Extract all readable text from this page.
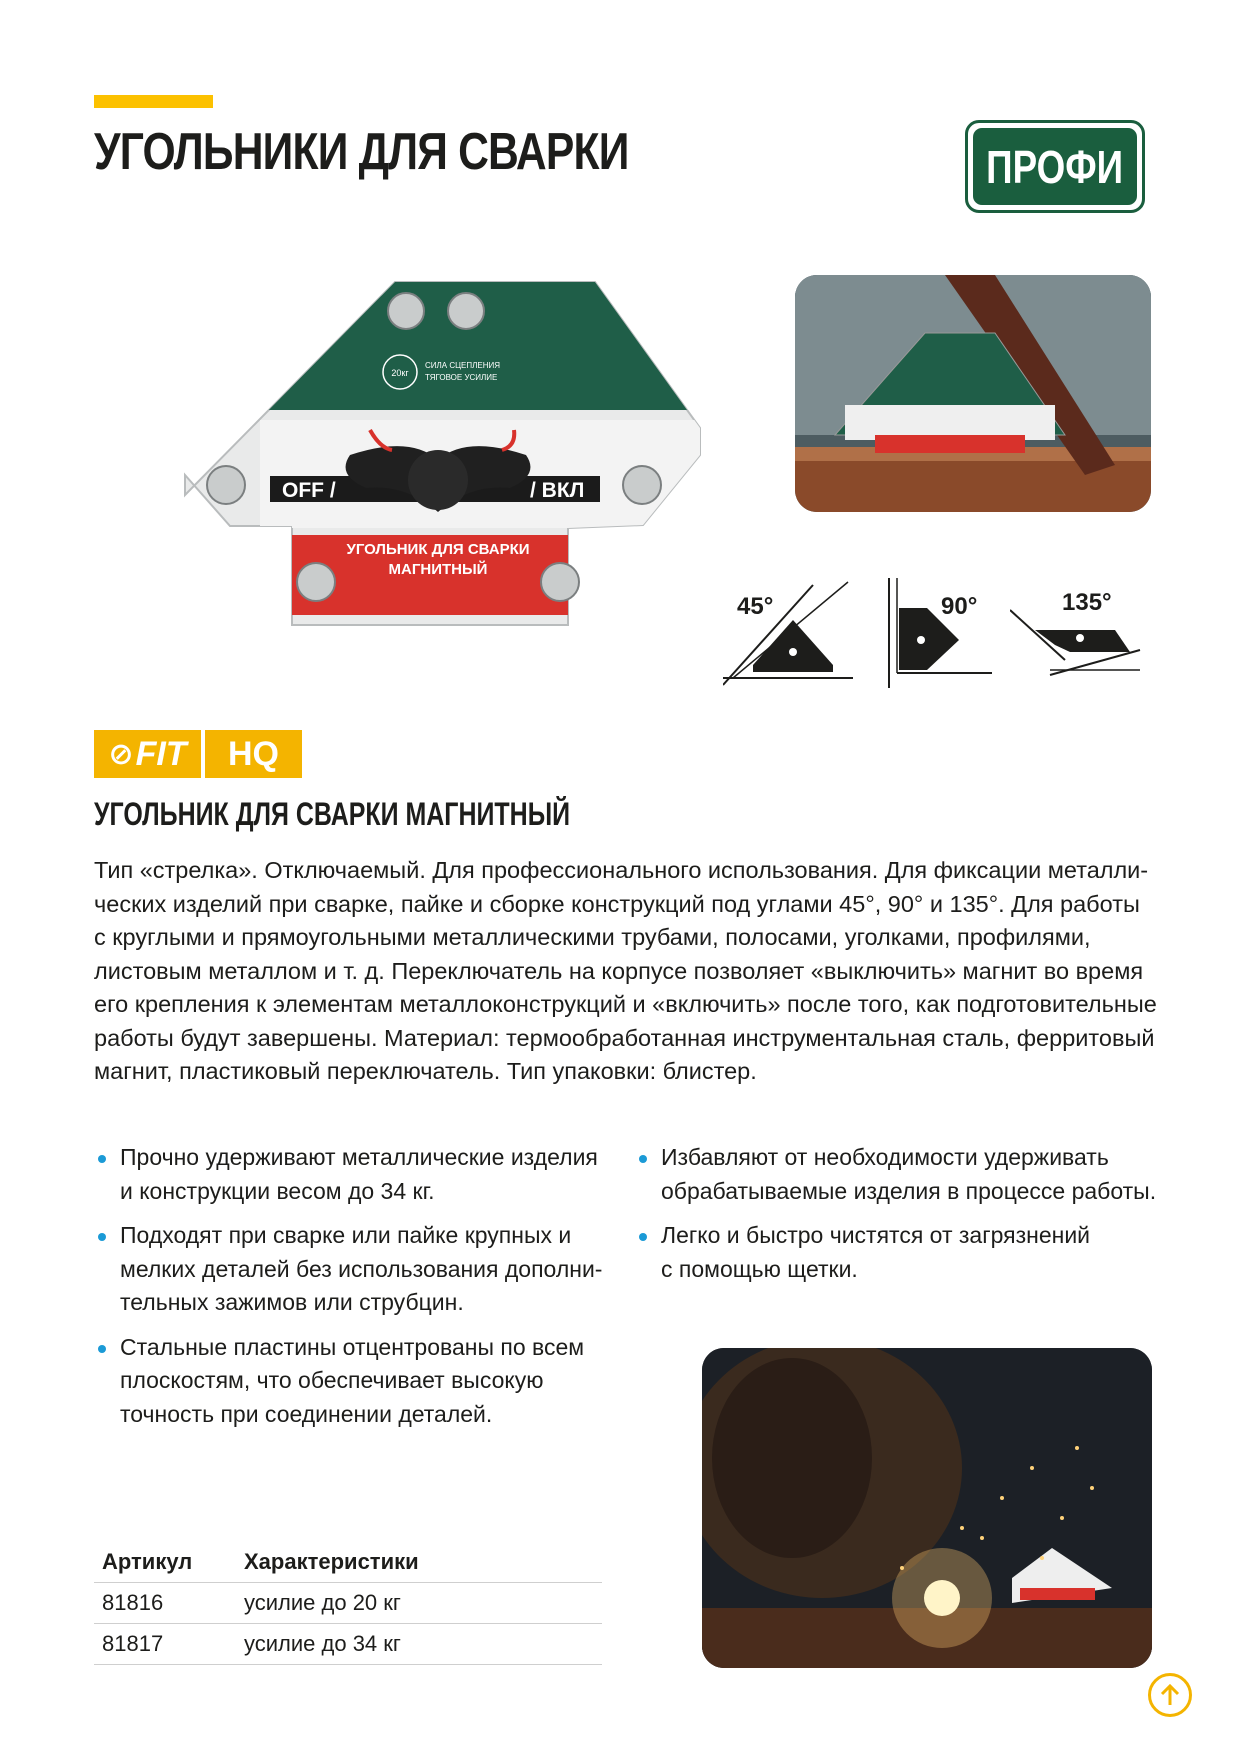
УГОЛЬНИКИ ДЛЯ СВАРКИ	ПРОФИ
20кг
СИЛА СЦЕПЛЕНИЯ
ТЯГОВОЕ УСИЛИЕ
OFF /	/ ВКЛ
УГОЛЬНИК ДЛЯ СВАРКИ
МАГНИТНЫЙ
45°	90°	135°
⊘ FIT	HQ
УГОЛЬНИК ДЛЯ СВАРКИ МАГНИТНЫЙ
Тип «стрелка». Отключаемый. Для профессионального использования. Для фиксации металли-
ческих изделий при сварке, пайке и сборке конструкций под углами 45°, 90° и 135°. Для работы
с круглыми и прямоугольными металлическими трубами, полосами, уголками, профилями,
листовым металлом и т. д. Переключатель на корпусе позволяет «выключить» магнит во время
его крепления к элементам металлоконструкций и «включить» после того, как подготовительные
работы будут завершены. Материал: термообработанная инструментальная сталь, ферритовый
магнит, пластиковый переключатель. Тип упаковки: блистер.
Прочно удерживают металлические изделия
и конструкции весом до 34 кг.
Подходят при сварке или пайке крупных и
мелких деталей без использования дополни-
тельных зажимов или струбцин.
Стальные пластины отцентрованы по всем
плоскостям, что обеспечивает высокую
точность при соединении деталей.
Избавляют от необходимости удерживать
обрабатываемые изделия в процессе работы.
Легко и быстро чистятся от загрязнений
с помощью щетки.
Артикул	Характеристики
81816	усилие до 20 кг
81817	усилие до 34 кг
